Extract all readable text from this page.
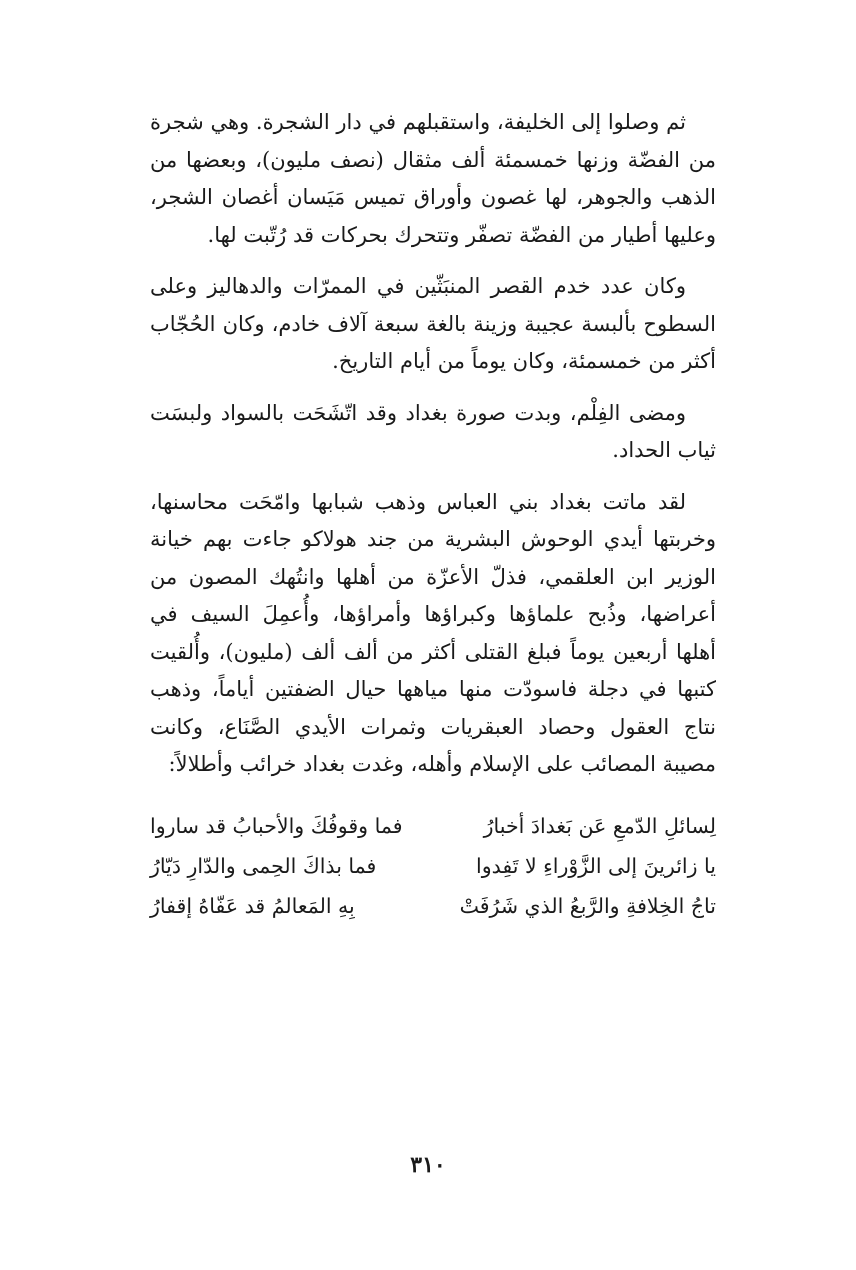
ثم وصلوا إلى الخليفة، واستقبلهم في دار الشجرة. وهي شجرة من الفضّة وزنها خمسمئة ألف مثقال (نصف مليون)، وبعضها من الذهب والجوهر، لها غصون وأوراق تميس مَيَسان أغصان الشجر، وعليها أطيار من الفضّة تصفّر وتتحرك بحركات قد رُتّبت لها.

وكان عدد خدم القصر المنبَثّين في الممرّات والدهاليز وعلى السطوح بألبسة عجيبة وزينة بالغة سبعة آلاف خادم، وكان الحُجّاب أكثر من خمسمئة، وكان يوماً من أيام التاريخ.

ومضى الفِلْم، وبدت صورة بغداد وقد اتّشَحَت بالسواد ولبسَت ثياب الحداد.

لقد ماتت بغداد بني العباس وذهب شبابها وامّحَت محاسنها، وخربتها أيدي الوحوش البشرية من جند هولاكو جاءت بهم خيانة الوزير ابن العلقمي، فذلّ الأعزّة من أهلها وانتُهك المصون من أعراضها، وذُبح علماؤها وكبراؤها وأمراؤها، وأُعمِلَ السيف في أهلها أربعين يوماً فبلغ القتلى أكثر من ألف ألف (مليون)، وأُلقيت كتبها في دجلة فاسودّت منها مياهها حيال الضفتين أياماً، وذهب نتاج العقول وحصاد العبقريات وثمرات الأيدي الصَّنَاع، وكانت مصيبة المصائب على الإسلام وأهله، وغدت بغداد خرائب وأطلالاً:

لِسائلِ الدّمعِ عَن بَغدادَ أخبارُ
فما وقوفُكَ والأحبابُ قد ساروا
يا زائرينَ إلى الزَّوْراءِ لا تَفِدوا
فما بذاكَ الحِمى والدّارِ دَيّارُ
تاجُ الخِلافةِ والرَّبعُ الذي شَرُفَتْ
بِهِ المَعالمُ قد عَفّاهُ إقفارُ
٣١٠
